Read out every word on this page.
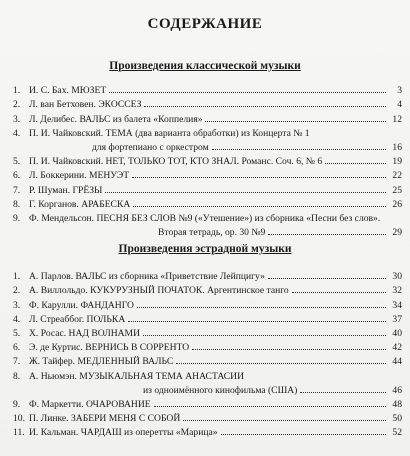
СОДЕРЖАНИЕ
Произведения классической музыки
1. И. С. Бах. МЮЗЕТ	3
2. Л. ван Бетховен. ЭКОССЕЗ	4
3. Л. Делибес. ВАЛЬС из балета «Коппелия»	12
4. П. И. Чайковский. ТЕМА (два варианта обработки) из Концерта № 1
для фортепиано с оркестром	16
5. П. И. Чайковский. НЕТ, ТОЛЬКО ТОТ, КТО ЗНАЛ. Романс. Соч. 6, № 6	19
6. Л. Боккерини. МЕНУЭТ	22
7. Р. Шуман. ГРЁЗЫ	25
8. Г. Корганов. АРАБЕСКА	26
9. Ф. Мендельсон. ПЕСНЯ БЕЗ СЛОВ №9 («Утешение») из сборника «Песни без слов».
Вторая тетрадь, ор. 30 №9	29
Произведения эстрадной музыки
1. А. Парлов. ВАЛЬС из сборника «Приветствие Лейпцигу»	30
2. А. Виллольдо. КУКУРУЗНЫЙ ПОЧАТОК. Аргентинское танго	32
3. Ф. Карулли. ФАНДАНГО	34
4. Л. Стреаббог. ПОЛЬКА	37
5. Х. Росас. НАД ВОЛНАМИ	40
6. Э. де Куртис. ВЕРНИСЬ В СОРРЕНТО	42
7. Ж. Тайфер. МЕДЛЕННЫЙ ВАЛЬС	44
8. А. Ньюмэн. МУЗЫКАЛЬНАЯ ТЕМА АНАСТАСИИ
из одноимённого кинофильма (США)	46
9. Ф. Маркетти. ОЧАРОВАНИЕ	48
10. П. Линке. ЗАБЕРИ МЕНЯ С СОБОЙ	50
11. И. Кальман. ЧАРДАШ из оперетты «Марица»	52
